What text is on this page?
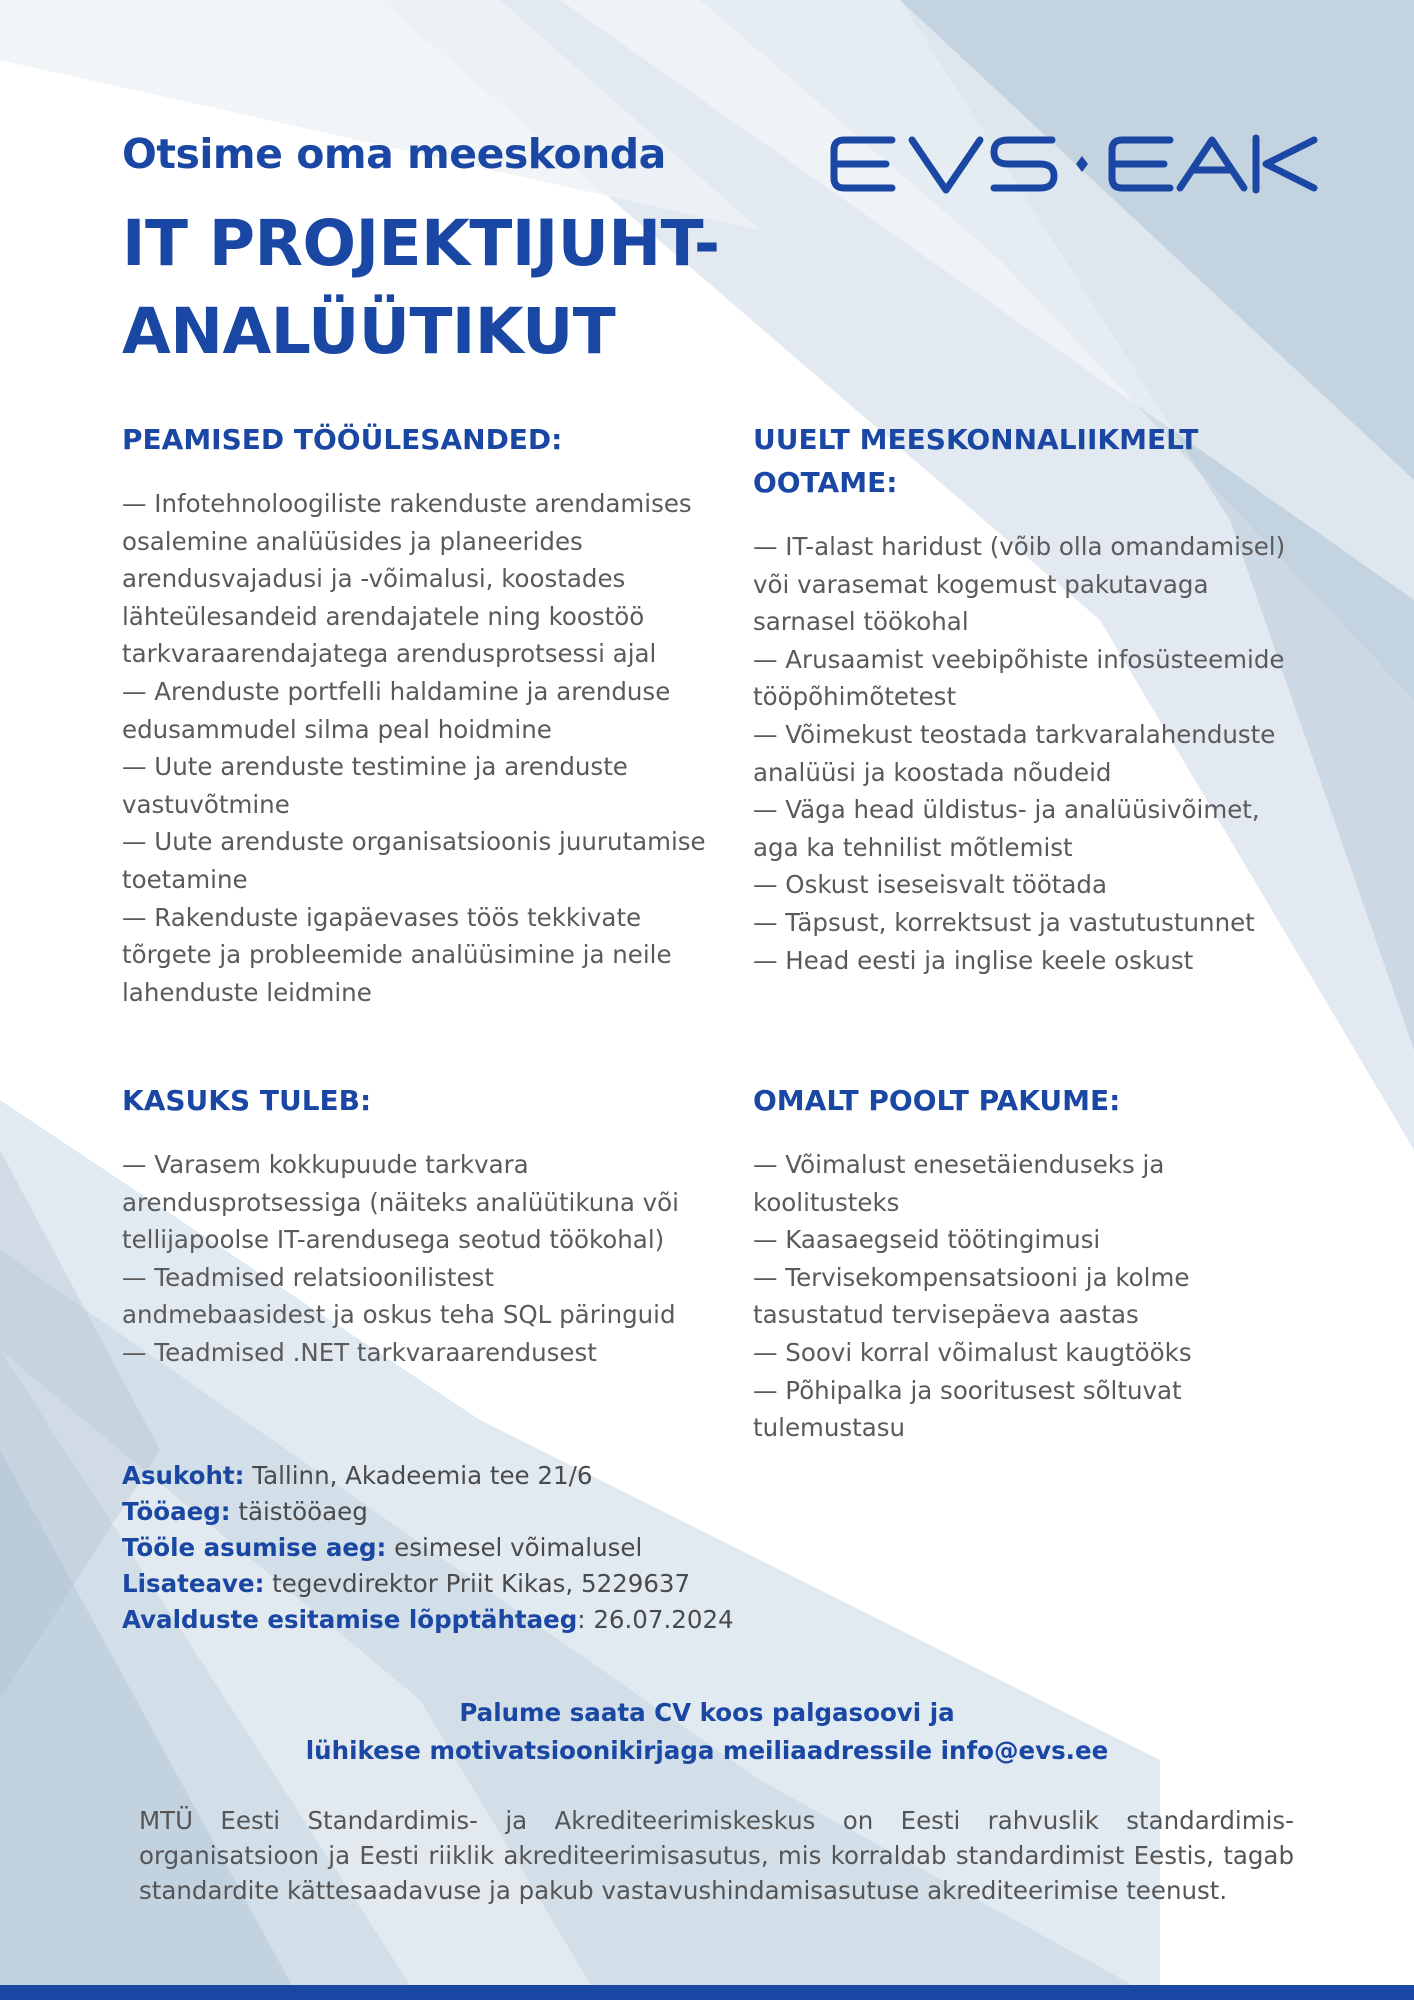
Otsime oma meeskonda
IT PROJEKTIJUHT-
ANALÜÜTIKUT
PEAMISED TÖÖÜLESANDED:
— Infotehnoloogiliste rakenduste arendamises osalemine analüüsides ja planeerides arendusvajadusi ja -võimalusi, koostades lähteülesandeid arendajatele ning koostöö tarkvaraarendajatega arendusprotsessi ajal
— Arenduste portfelli haldamine ja arenduse edusammudel silma peal hoidmine
— Uute arenduste testimine ja arenduste vastuvõtmine
— Uute arenduste organisatsioonis juurutamise toetamine
— Rakenduste igapäevases töös tekkivate tõrgete ja probleemide analüüsimine ja neile lahenduste leidmine
UUELT MEESKONNALIIKMELT OOTAME:
— IT-alast haridust (võib olla omandamisel) või varasemat kogemust pakutavaga sarnasel töökohal
— Arusaamist veebipõhiste infosüsteemide tööpõhimõtetest
— Võimekust teostada tarkvaralahenduste analüüsi ja koostada nõudeid
— Väga head üldistus- ja analüüsivõimet, aga ka tehnilist mõtlemist
— Oskust iseseisvalt töötada
— Täpsust, korrektsust ja vastutustunnet
— Head eesti ja inglise keele oskust
KASUKS TULEB:
— Varasem kokkupuude tarkvara arendusprotsessiga (näiteks analüütikuna või tellijapoolse IT-arendusega seotud töökohal)
— Teadmised relatsioonilistest andmebaasidest ja oskus teha SQL päringuid
— Teadmised .NET tarkvaraarendusest
OMALT POOLT PAKUME:
— Võimalust enesetäienduseks ja koolitusteks
— Kaasaegseid töötingimusi
— Tervisekompensatsiooni ja kolme tasustatud tervisepäeva aastas
— Soovi korral võimalust kaugtööks
— Põhipalka ja sooritusest sõltuvat tulemustasu
Asukoht: Tallinn, Akadeemia tee 21/6
Tööaeg: täistööaeg
Tööle asumise aeg: esimesel võimalusel
Lisateave: tegevdirektor Priit Kikas, 5229637
Avalduste esitamise lõpptähtaeg: 26.07.2024
Palume saata CV koos palgasoovi ja
lühikese motivatsioonikirjaga meiliaadressile info@evs.ee
MTÜ Eesti Standardimis- ja Akrediteerimiskeskus on Eesti rahvuslik standardimis-organisatsioon ja Eesti riiklik akrediteerimisasutus, mis korraldab standardimist Eestis, tagab standardite kättesaadavuse ja pakub vastavushindamisasutuse akrediteerimise teenust.
